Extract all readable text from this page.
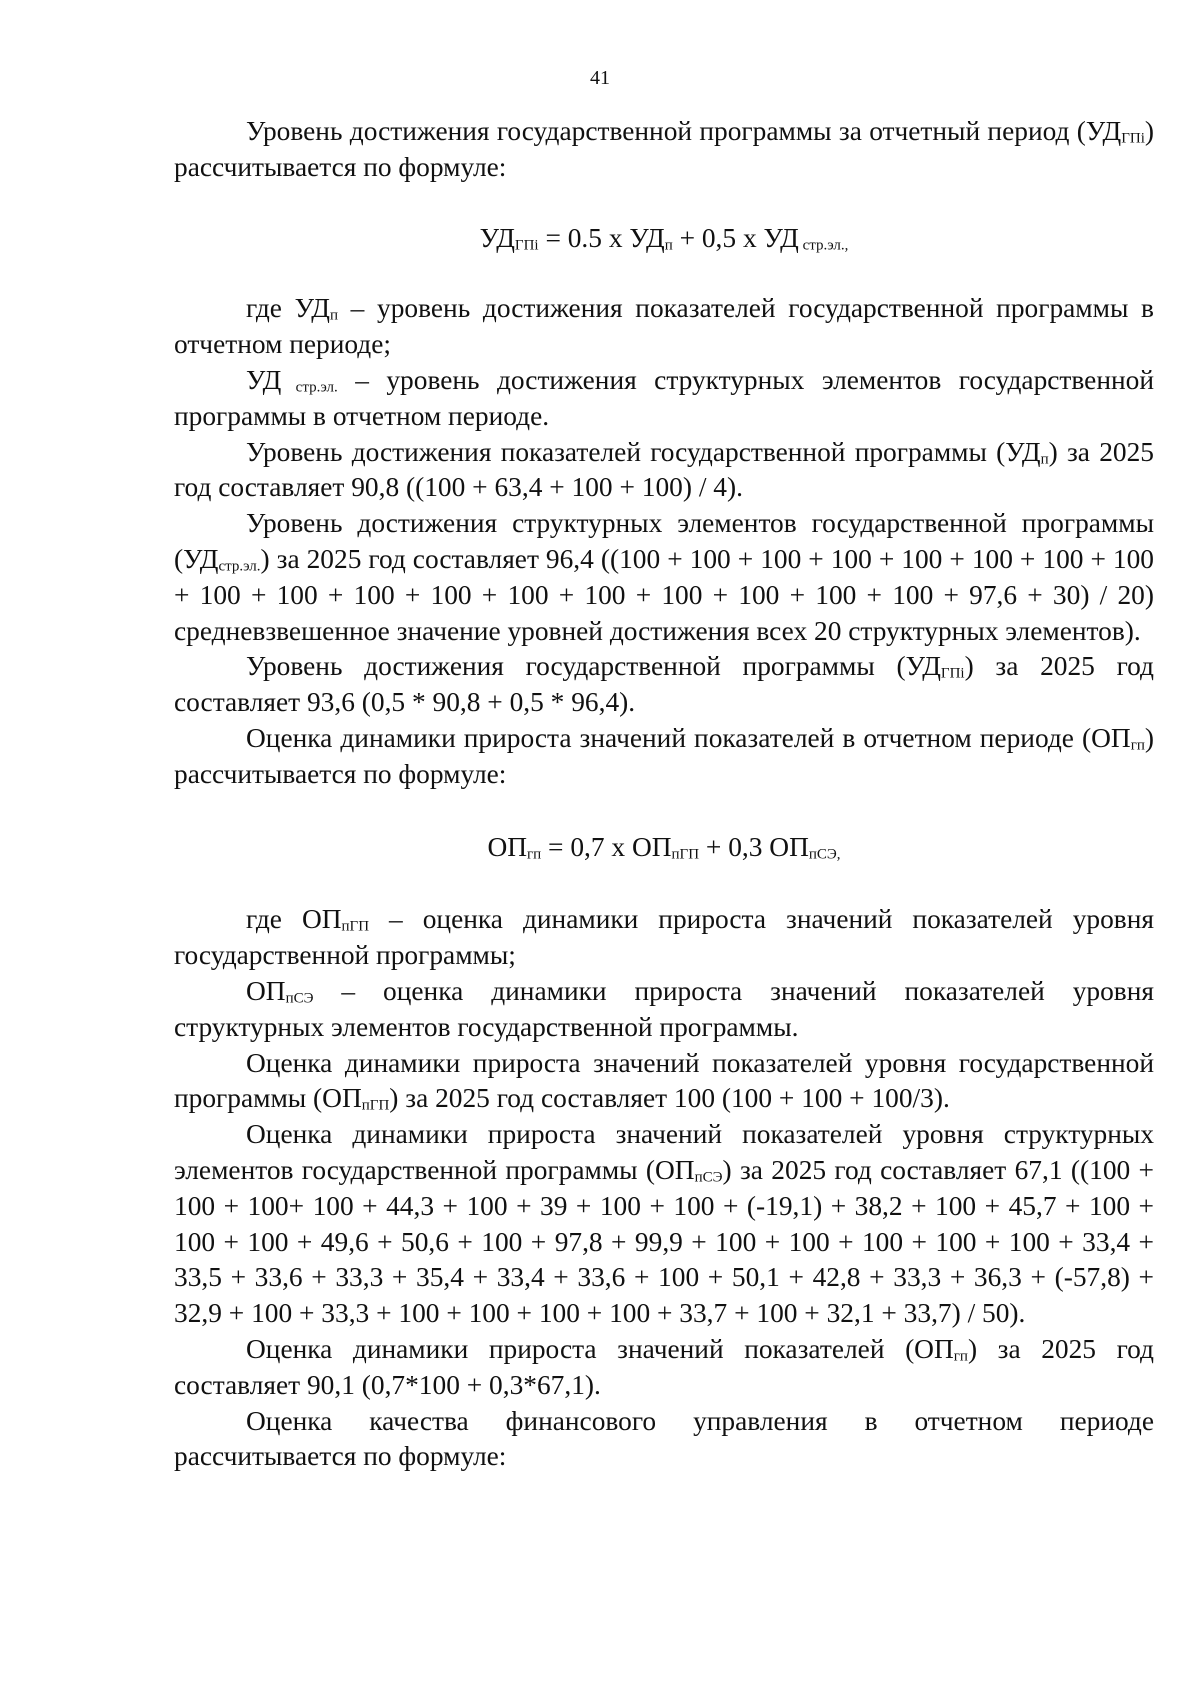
41

Уровень достижения государственной программы за отчетный период $(УД_{ГПi})$ рассчитывается по формуле:

$УД_{ГПi} = 0.5$ х $УД_п + 0,5$ х УД $_{стр.эл.,}$

где $УД_п$ – уровень достижения показателей государственной программы в отчетном периоде;

УД $_{стр.эл.}$ – уровень достижения структурных элементов государственной программы в отчетном периоде.

Уровень достижения показателей государственной программы $(УД_п)$ за 2025 год составляет 90,8 ((100 + 63,4 + 100 + 100) / 4).

Уровень достижения структурных элементов государственной программы $(УД_{стр.эл.})$ за 2025 год составляет 96,4 ((100 + 100 + 100 + 100 + 100 + 100 + 100 + 100 + 100 + 100 + 100 + 100 + 100 + 100 + 100 + 100 + 100 + 100 + 97,6 + 30) / 20) средневзвешенное значение уровней достижения всех 20 структурных элементов).

Уровень достижения государственной программы $(УД_{ГПi})$ за 2025 год составляет 93,6 (0,5 * 90,8 + 0,5 * 96,4).

Оценка динамики прироста значений показателей в отчетном периоде $(ОП_{гп})$ рассчитывается по формуле:

$ОП_{гп} = 0,7$ х $ОП_{пГП} + 0,3$ $ОП_{пСЭ,}$

где $ОП_{пГП}$ – оценка динамики прироста значений показателей уровня государственной программы;

$ОП_{пСЭ}$ – оценка динамики прироста значений показателей уровня структурных элементов государственной программы.

Оценка динамики прироста значений показателей уровня государственной программы $(ОП_{пГП})$ за 2025 год составляет 100 (100 + 100 + 100/3).

Оценка динамики прироста значений показателей уровня структурных элементов государственной программы $(ОП_{пСЭ})$ за 2025 год составляет 67,1 ((100 + 100 + 100+ 100 + 44,3 + 100 + 39 + 100 + 100 + (-19,1) + 38,2 + 100 + 45,7 + 100 + 100 + 100 + 49,6 + 50,6 + 100 + 97,8 + 99,9 + 100 + 100 + 100 + 100 + 100 + 33,4 + 33,5 + 33,6 + 33,3 + 35,4 + 33,4 + 33,6 + 100 + 50,1 + 42,8 + 33,3 + 36,3 + (-57,8) + 32,9 + 100 + 33,3 + 100 + 100 + 100 + 100 + 33,7 + 100 + 32,1 + 33,7) / 50).

Оценка динамики прироста значений показателей $(ОП_{гп})$ за 2025 год составляет 90,1 (0,7*100 + 0,3*67,1).

Оценка качества финансового управления в отчетном периоде рассчитывается по формуле:
